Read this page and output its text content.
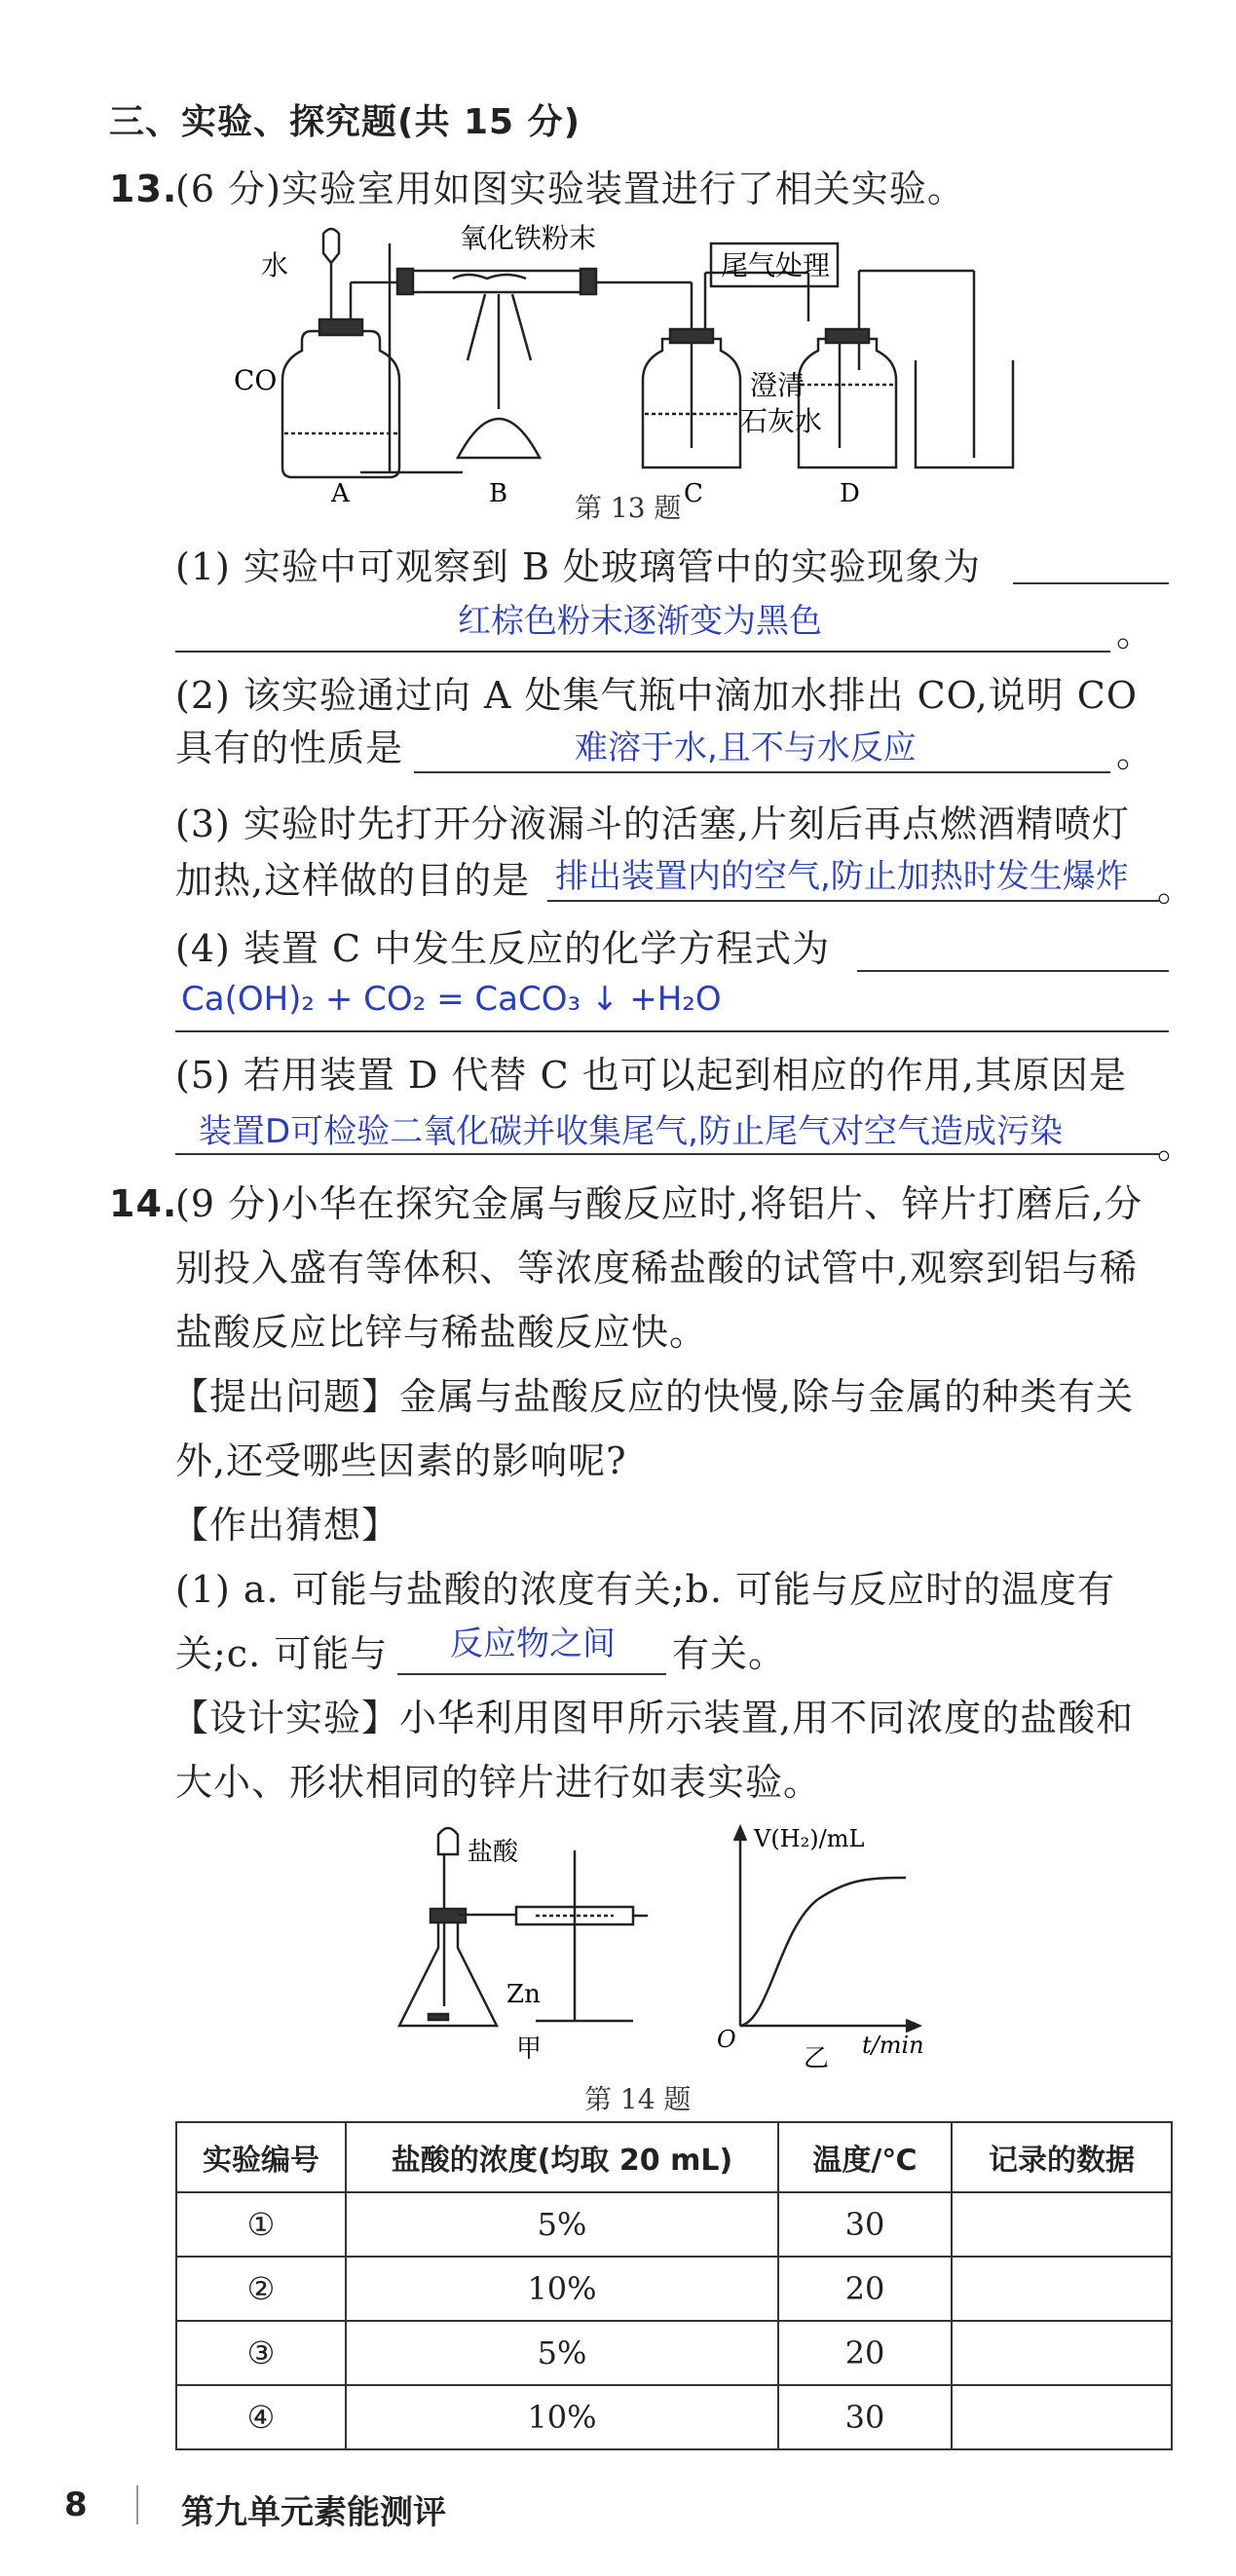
三、实验、探究题(共 15 分)
13.
(6 分)实验室用如图实验装置进行了相关实验。
水
氧化铁粉末
尾气处理
CO	澄清
石灰水
A	B	C	D
第 13 题
(1) 实验中可观察到 B 处玻璃管中的实验现象为
红棕色粉末逐渐变为黑色	。
(2) 该实验通过向 A 处集气瓶中滴加水排出 CO,说明 CO
具有的性质是	难溶于水,且不与水反应	。
(3) 实验时先打开分液漏斗的活塞,片刻后再点燃酒精喷灯
加热,这样做的目的是 排出装置内的空气,防止加热时发生爆炸 。
(4) 装置 C 中发生反应的化学方程式为
Ca(OH)₂ + CO₂ = CaCO₃ ↓ +H₂O
(5) 若用装置 D 代替 C 也可以起到相应的作用,其原因是
装置D可检验二氧化碳并收集尾气,防止尾气对空气造成污染	。
14.
(9 分)小华在探究金属与酸反应时,将铝片、锌片打磨后,分
别投入盛有等体积、等浓度稀盐酸的试管中,观察到铝与稀
盐酸反应比锌与稀盐酸反应快。
【提出问题】金属与盐酸反应的快慢,除与金属的种类有关
外,还受哪些因素的影响呢?
【作出猜想】
(1) a. 可能与盐酸的浓度有关;b. 可能与反应时的温度有
关;c. 可能与 反应物之间 有关。
【设计实验】小华利用图甲所示装置,用不同浓度的盐酸和
大小、形状相同的锌片进行如表实验。
盐酸
Zn
甲
V(H₂)/mL
t/min
O
乙
第 14 题
实验编号	盐酸的浓度(均取 20 mL)	温度/℃	记录的数据
①	5%	30	
②	10%	20	
③	5%	20	
④	10%	30	
8	第九单元素能测评
